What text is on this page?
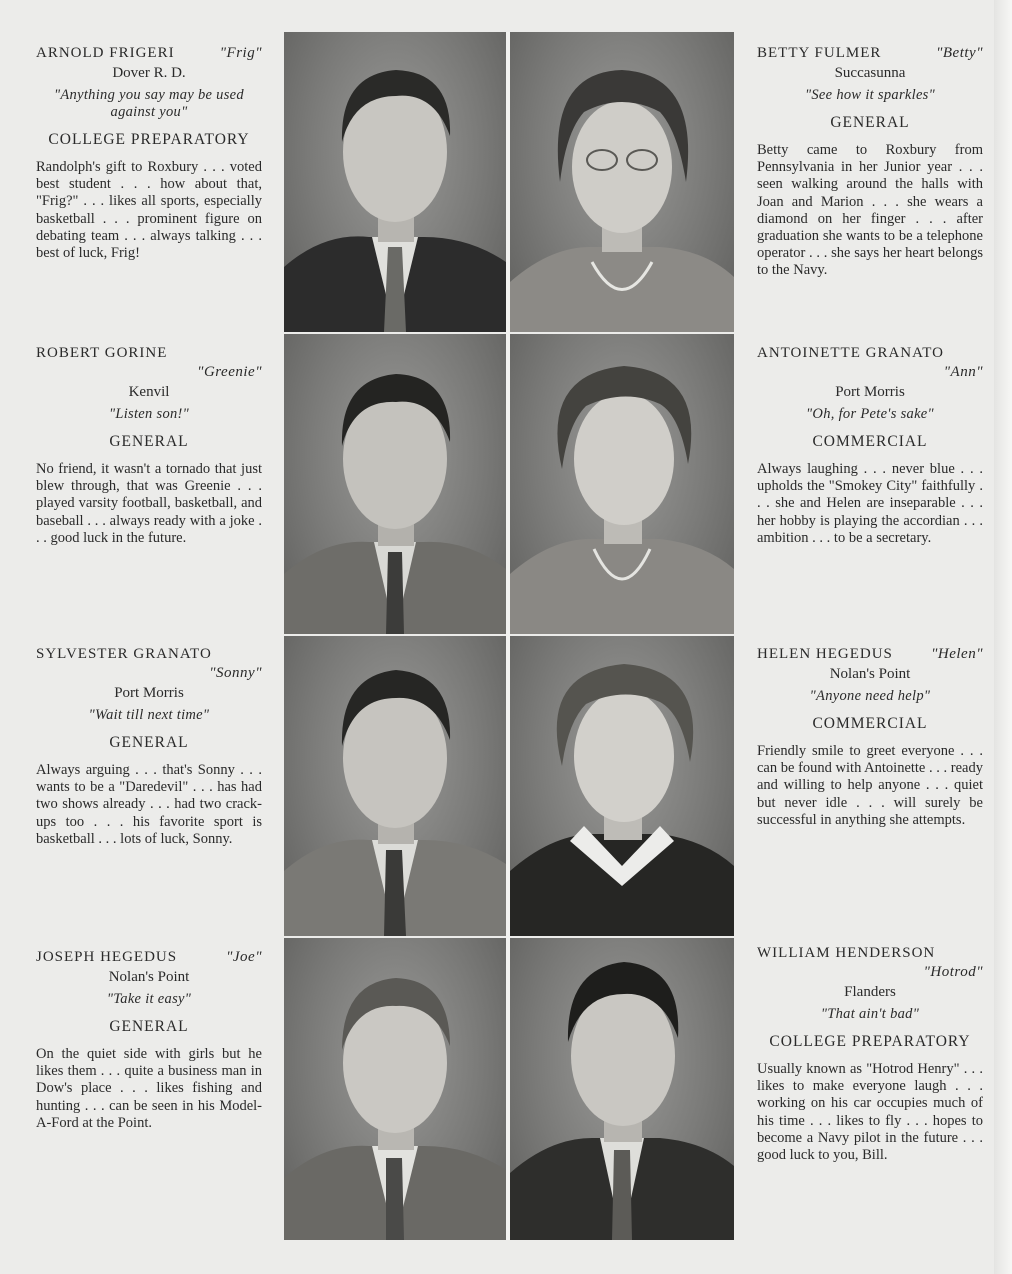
ARNOLD FRIGERI	"Frig"
Dover R. D.
"Anything you say may be used against you"
COLLEGE PREPARATORY
Randolph's gift to Roxbury . . . voted best student . . . how about that, "Frig?" . . . likes all sports, especially basketball . . . prominent figure on debating team . . . always talking . . . best of luck, Frig!
BETTY FULMER	"Betty"
Succasunna
"See how it sparkles"
GENERAL
Betty came to Roxbury from Pennsylvania in her Junior year . . . seen walking around the halls with Joan and Marion . . . she wears a diamond on her finger . . . after graduation she wants to be a telephone operator . . . she says her heart belongs to the Navy.
ROBERT GORINE
"Greenie"
Kenvil
"Listen son!"
GENERAL
No friend, it wasn't a tornado that just blew through, that was Greenie . . . played varsity football, basketball, and baseball . . . always ready with a joke . . . good luck in the future.
ANTOINETTE GRANATO
"Ann"
Port Morris
"Oh, for Pete's sake"
COMMERCIAL
Always laughing . . . never blue . . . upholds the "Smokey City" faithfully . . . she and Helen are inseparable . . . her hobby is playing the accordian . . . ambition . . . to be a secretary.
SYLVESTER GRANATO
"Sonny"
Port Morris
"Wait till next time"
GENERAL
Always arguing . . . that's Sonny . . . wants to be a "Daredevil" . . . has had two shows already . . . had two crack-ups too . . . his favorite sport is basketball . . . lots of luck, Sonny.
HELEN HEGEDUS	"Helen"
Nolan's Point
"Anyone need help"
COMMERCIAL
Friendly smile to greet everyone . . . can be found with Antoinette . . . ready and willing to help anyone . . . quiet but never idle . . . will surely be successful in anything she attempts.
JOSEPH HEGEDUS	"Joe"
Nolan's Point
"Take it easy"
GENERAL
On the quiet side with girls but he likes them . . . quite a business man in Dow's place . . . likes fishing and hunting . . . can be seen in his Model-A-Ford at the Point.
WILLIAM HENDERSON
"Hotrod"
Flanders
"That ain't bad"
COLLEGE PREPARATORY
Usually known as "Hotrod Henry" . . . likes to make everyone laugh . . . working on his car occupies much of his time . . . likes to fly . . . hopes to become a Navy pilot in the future . . . good luck to you, Bill.
